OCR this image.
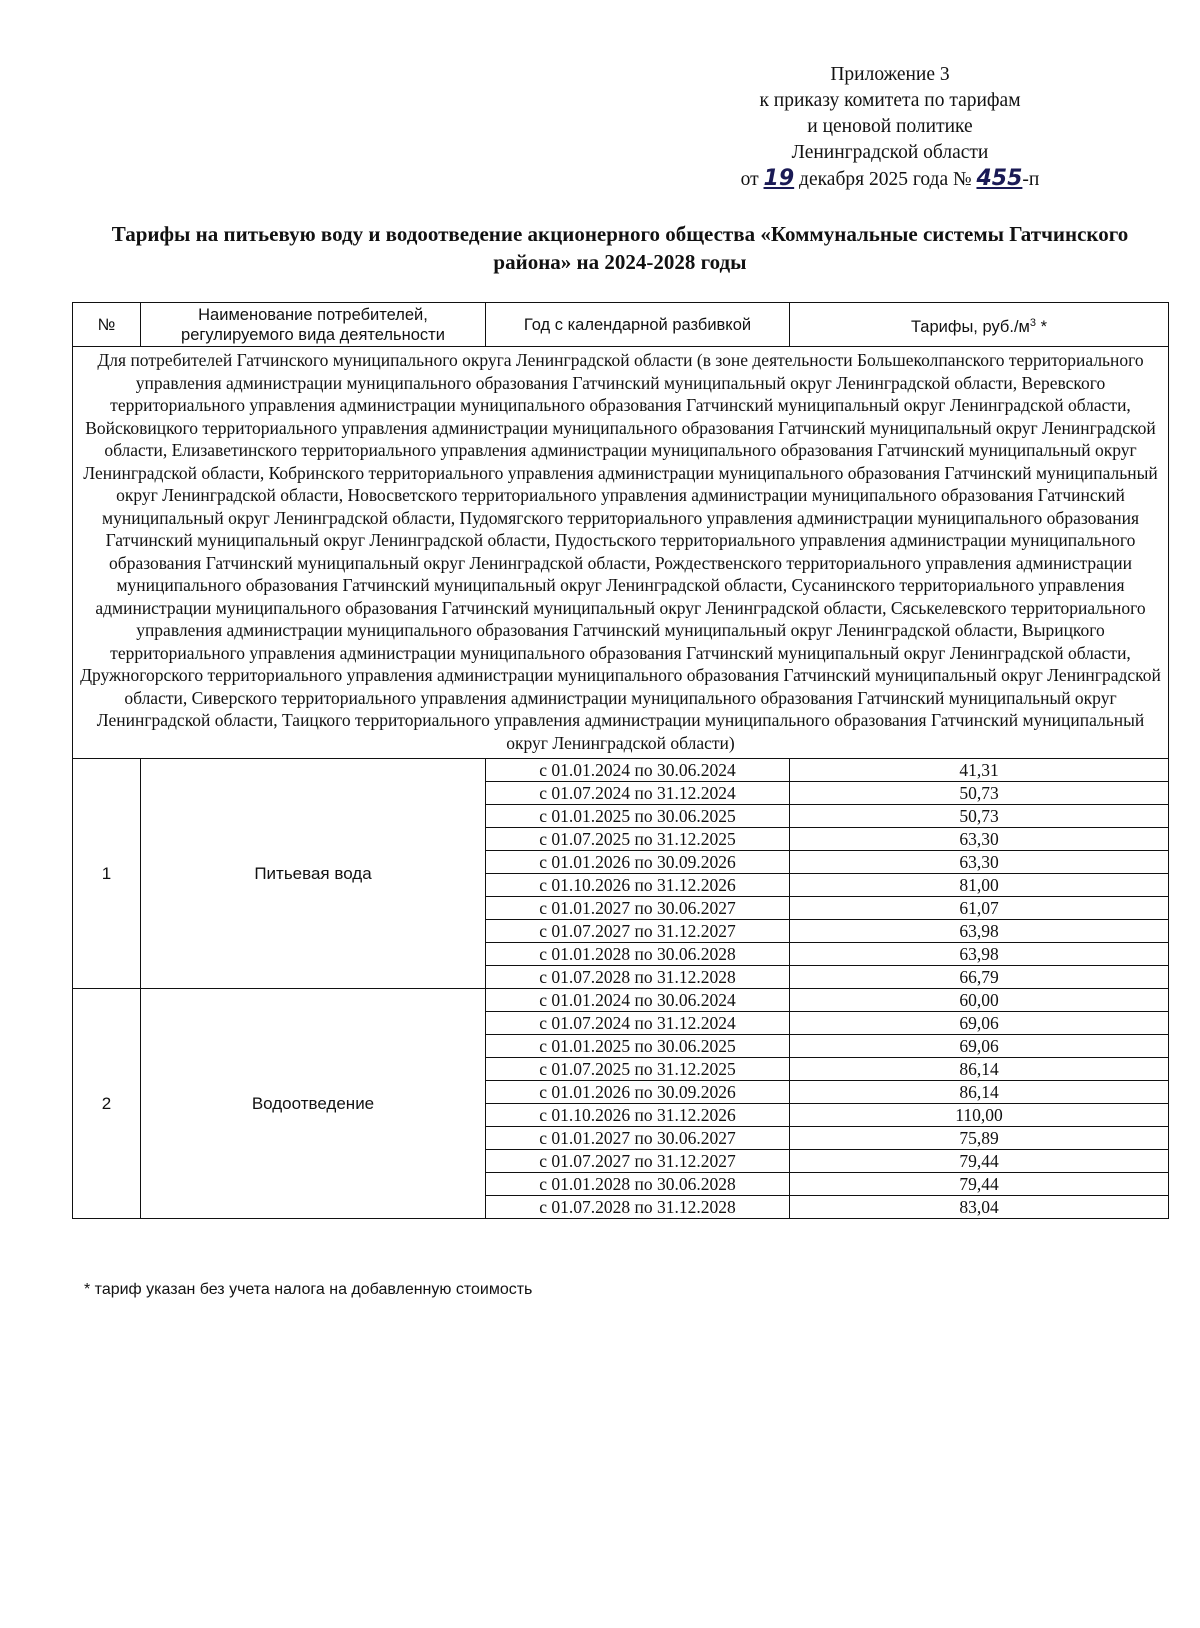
Приложение 3
к приказу комитета по тарифам
и ценовой политике
Ленинградской области
от 19 декабря 2025 года № 455-п
Тарифы на питьевую воду и водоотведение акционерного общества «Коммунальные системы Гатчинского района» на 2024-2028 годы
№	Наименование потребителей, регулируемого вида деятельности	Год с календарной разбивкой	Тарифы, $руб./м^3$ *
Для потребителей Гатчинского муниципального округа Ленинградской области (в зоне деятельности Большеколпанского территориального управления администрации муниципального образования Гатчинский муниципальный округ Ленинградской области, Веревского территориального управления администрации муниципального образования Гатчинский муниципальный округ Ленинградской области, Войсковицкого территориального управления администрации муниципального образования Гатчинский муниципальный округ Ленинградской области, Елизаветинского территориального управления администрации муниципального образования Гатчинский муниципальный округ Ленинградской области, Кобринского территориального управления администрации муниципального образования Гатчинский муниципальный округ Ленинградской области, Новосветского территориального управления администрации муниципального образования Гатчинский муниципальный округ Ленинградской области, Пудомягского территориального управления администрации муниципального образования Гатчинский муниципальный округ Ленинградской области, Пудостьского территориального управления администрации муниципального образования Гатчинский муниципальный округ Ленинградской области, Рождественского территориального управления администрации муниципального образования Гатчинский муниципальный округ Ленинградской области, Сусанинского территориального управления администрации муниципального образования Гатчинский муниципальный округ Ленинградской области, Сяськелевского территориального управления администрации муниципального образования Гатчинский муниципальный округ Ленинградской области, Вырицкого территориального управления администрации муниципального образования Гатчинский муниципальный округ Ленинградской области, Дружногорского территориального управления администрации муниципального образования Гатчинский муниципальный округ Ленинградской области, Сиверского территориального управления администрации муниципального образования Гатчинский муниципальный округ Ленинградской области, Таицкого территориального управления администрации муниципального образования Гатчинский муниципальный округ Ленинградской области)			
1	Питьевая вода	с 01.01.2024 по 30.06.2024	41,31
		с 01.07.2024 по 31.12.2024	50,73
		с 01.01.2025 по 30.06.2025	50,73
		с 01.07.2025 по 31.12.2025	63,30
		с 01.01.2026 по 30.09.2026	63,30
		с 01.10.2026 по 31.12.2026	81,00
		с 01.01.2027 по 30.06.2027	61,07
		с 01.07.2027 по 31.12.2027	63,98
		с 01.01.2028 по 30.06.2028	63,98
		с 01.07.2028 по 31.12.2028	66,79
2	Водоотведение	с 01.01.2024 по 30.06.2024	60,00
		с 01.07.2024 по 31.12.2024	69,06
		с 01.01.2025 по 30.06.2025	69,06
		с 01.07.2025 по 31.12.2025	86,14
		с 01.01.2026 по 30.09.2026	86,14
		с 01.10.2026 по 31.12.2026	110,00
		с 01.01.2027 по 30.06.2027	75,89
		с 01.07.2027 по 31.12.2027	79,44
		с 01.01.2028 по 30.06.2028	79,44
		с 01.07.2028 по 31.12.2028	83,04
* тариф указан без учета налога на добавленную стоимость
